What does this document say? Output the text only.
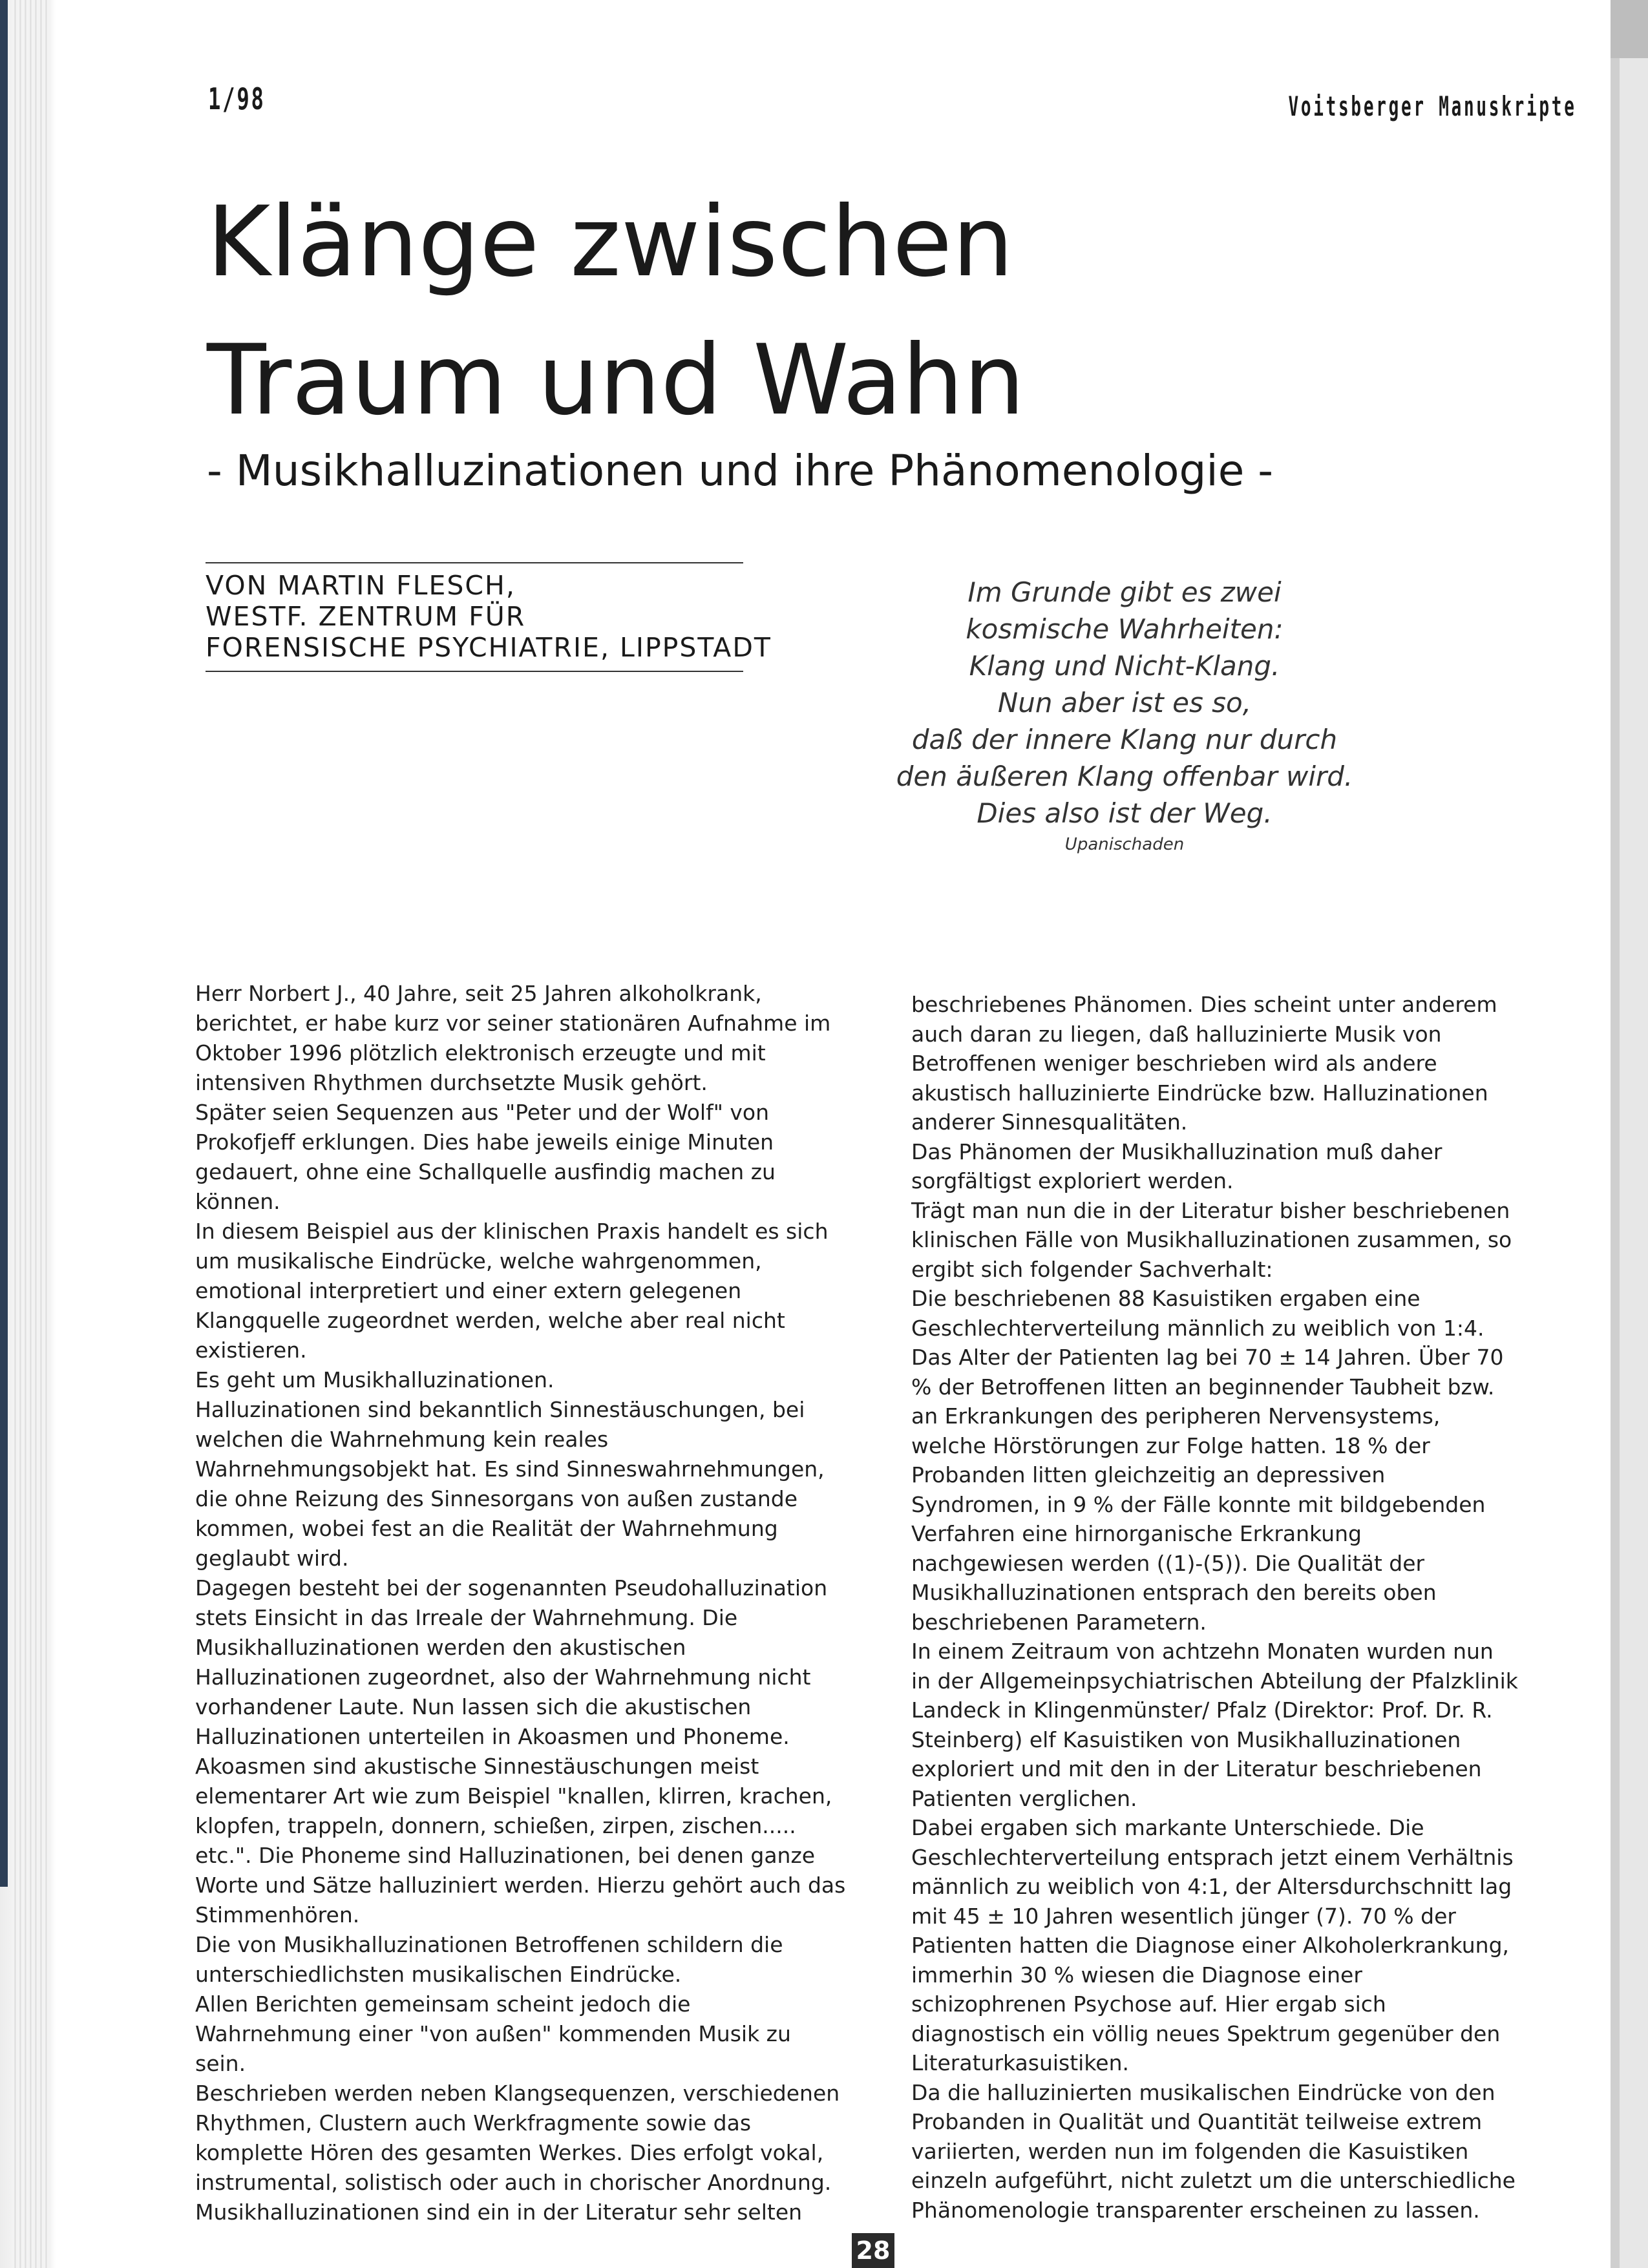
1/98	Voitsberger Manuskripte
Klänge zwischen
Traum und Wahn
- Musikhalluzinationen und ihre Phänomenologie -
VON MARTIN FLESCH,
WESTF. ZENTRUM FÜR
FORENSISCHE PSYCHIATRIE, LIPPSTADT
Im Grunde gibt es zwei kosmische Wahrheiten:
Klang und Nicht-Klang.
Nun aber ist es so,
daß der innere Klang nur durch
den äußeren Klang offenbar wird.
Dies also ist der Weg.
Upanischaden

Herr Norbert J., 40 Jahre, seit 25 Jahren alkoholkrank, berichtet, er habe kurz vor seiner stationären Aufnahme im Oktober 1996 plötzlich elektronisch erzeugte und mit intensiven Rhythmen durchsetzte Musik gehört.

Später seien Sequenzen aus "Peter und der Wolf" von Prokofjeff erklungen. Dies habe jeweils einige Minuten gedauert, ohne eine Schallquelle ausfindig machen zu können.

In diesem Beispiel aus der klinischen Praxis handelt es sich um musikalische Eindrücke, welche wahrgenommen, emotional interpretiert und einer extern gelegenen Klangquelle zugeordnet werden, welche aber real nicht existieren.

Es geht um Musikhalluzinationen.

Halluzinationen sind bekanntlich Sinnestäuschungen, bei welchen die Wahrnehmung kein reales Wahrnehmungsobjekt hat. Es sind Sinneswahrnehmungen, die ohne Reizung des Sinnesorgans von außen zustande kommen, wobei fest an die Realität der Wahrnehmung geglaubt wird.

Dagegen besteht bei der sogenannten Pseudohalluzination stets Einsicht in das Irreale der Wahrnehmung. Die Musikhalluzinationen werden den akustischen Halluzinationen zugeordnet, also der Wahrnehmung nicht vorhandener Laute. Nun lassen sich die akustischen Halluzinationen unterteilen in Akoasmen und Phoneme.

Akoasmen sind akustische Sinnestäuschungen meist elementarer Art wie zum Beispiel "knallen, klirren, krachen, klopfen, trappeln, donnern, schießen, zirpen, zischen..... etc.". Die Phoneme sind Halluzinationen, bei denen ganze Worte und Sätze halluziniert werden. Hierzu gehört auch das Stimmenhören.

Die von Musikhalluzinationen Betroffenen schildern die unterschiedlichsten musikalischen Eindrücke.

Allen Berichten gemeinsam scheint jedoch die Wahrnehmung einer "von außen" kommenden Musik zu sein.

Beschrieben werden neben Klangsequenzen, verschiedenen Rhythmen, Clustern auch Werkfragmente sowie das komplette Hören des gesamten Werkes. Dies erfolgt vokal, instrumental, solistisch oder auch in chorischer Anordnung.

Musikhalluzinationen sind ein in der Literatur sehr selten

beschriebenes Phänomen. Dies scheint unter anderem auch daran zu liegen, daß halluzinierte Musik von Betroffenen weniger beschrieben wird als andere akustisch halluzinierte Eindrücke bzw. Halluzinationen anderer Sinnesqualitäten.

Das Phänomen der Musikhalluzination muß daher sorgfältigst exploriert werden.

Trägt man nun die in der Literatur bisher beschriebenen klinischen Fälle von Musikhalluzinationen zusammen, so ergibt sich folgender Sachverhalt:

Die beschriebenen 88 Kasuistiken ergaben eine Geschlechterverteilung männlich zu weiblich von 1:4. Das Alter der Patienten lag bei 70 ± 14 Jahren. Über 70 % der Betroffenen litten an beginnender Taubheit bzw. an Erkrankungen des peripheren Nervensystems, welche Hörstörungen zur Folge hatten. 18 % der Probanden litten gleichzeitig an depressiven Syndromen, in 9 % der Fälle konnte mit bildgebenden Verfahren eine hirnorganische Erkrankung nachgewiesen werden ((1)-(5)). Die Qualität der Musikhalluzinationen entsprach den bereits oben beschriebenen Parametern.

In einem Zeitraum von achtzehn Monaten wurden nun in der Allgemeinpsychiatrischen Abteilung der Pfalzklinik Landeck in Klingenmünster/ Pfalz (Direktor: Prof. Dr. R. Steinberg) elf Kasuistiken von Musikhalluzinationen exploriert und mit den in der Literatur beschriebenen Patienten verglichen.

Dabei ergaben sich markante Unterschiede. Die Geschlechterverteilung entsprach jetzt einem Verhältnis männlich zu weiblich von 4:1, der Altersdurchschnitt lag mit 45 ± 10 Jahren wesentlich jünger (7). 70 % der Patienten hatten die Diagnose einer Alkoholerkrankung, immerhin 30 % wiesen die Diagnose einer schizophrenen Psychose auf. Hier ergab sich diagnostisch ein völlig neues Spektrum gegenüber den Literaturkasuistiken.

Da die halluzinierten musikalischen Eindrücke von den Probanden in Qualität und Quantität teilweise extrem variierten, werden nun im folgenden die Kasuistiken einzeln aufgeführt, nicht zuletzt um die unterschiedliche Phänomenologie transparenter erscheinen zu lassen.

28
